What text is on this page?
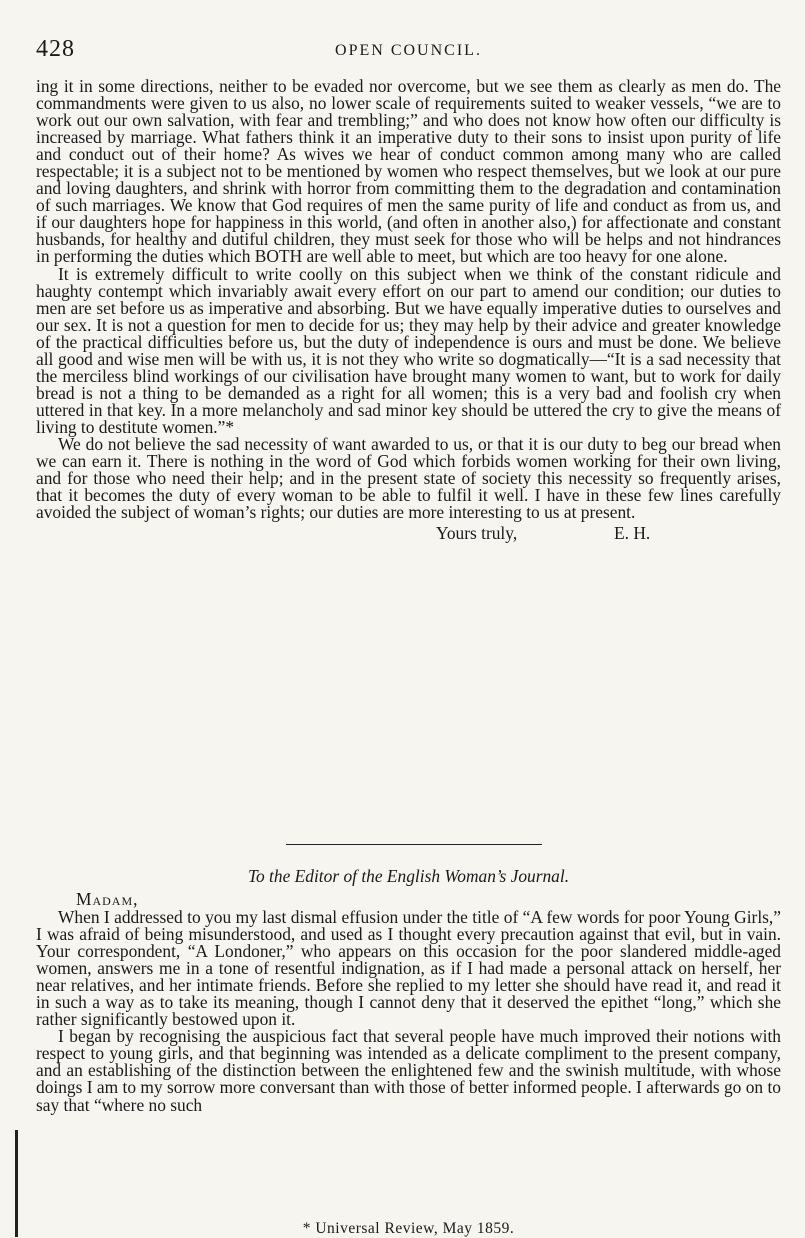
428	OPEN COUNCIL.

ing it in some directions, neither to be evaded nor overcome, but we see them as clearly as men do. The commandments were given to us also, no lower scale of requirements suited to weaker vessels, “we are to work out our own salvation, with fear and trembling;” and who does not know how often our difficulty is increased by marriage. What fathers think it an imperative duty to their sons to insist upon purity of life and conduct out of their home? As wives we hear of conduct common among many who are called respectable; it is a subject not to be mentioned by women who respect themselves, but we look at our pure and loving daughters, and shrink with horror from committing them to the degradation and contamination of such marriages. We know that God requires of men the same purity of life and conduct as from us, and if our daughters hope for happiness in this world, (and often in another also,) for affectionate and constant husbands, for healthy and dutiful children, they must seek for those who will be helps and not hindrances in performing the duties which BOTH are well able to meet, but which are too heavy for one alone.

It is extremely difficult to write coolly on this subject when we think of the constant ridicule and haughty contempt which invariably await every effort on our part to amend our condition; our duties to men are set before us as imperative and absorbing. But we have equally imperative duties to ourselves and our sex. It is not a question for men to decide for us; they may help by their advice and greater knowledge of the practical difficulties before us, but the duty of independence is ours and must be done. We believe all good and wise men will be with us, it is not they who write so dogmatically—“It is a sad necessity that the merciless blind workings of our civilisation have brought many women to want, but to work for daily bread is not a thing to be demanded as a right for all women; this is a very bad and foolish cry when uttered in that key. In a more melancholy and sad minor key should be uttered the cry to give the means of living to destitute women.”*

We do not believe the sad necessity of want awarded to us, or that it is our duty to beg our bread when we can earn it. There is nothing in the word of God which forbids women working for their own living, and for those who need their help; and in the present state of society this necessity so frequently arises, that it becomes the duty of every woman to be able to fulfil it well. I have in these few lines carefully avoided the subject of woman’s rights; our duties are more interesting to us at present.

Yours truly,	E. H.
To the Editor of the English Woman’s Journal.
Madam,

When I addressed to you my last dismal effusion under the title of “A few words for poor Young Girls,” I was afraid of being misunderstood, and used as I thought every precaution against that evil, but in vain. Your correspondent, “A Londoner,” who appears on this occasion for the poor slandered middle-aged women, answers me in a tone of resentful indignation, as if I had made a personal attack on herself, her near relatives, and her intimate friends. Before she replied to my letter she should have read it, and read it in such a way as to take its meaning, though I cannot deny that it deserved the epithet “long,” which she rather significantly bestowed upon it.

I began by recognising the auspicious fact that several people have much improved their notions with respect to young girls, and that beginning was intended as a delicate compliment to the present company, and an establishing of the distinction between the enlightened few and the swinish multitude, with whose doings I am to my sorrow more conversant than with those of better informed people. I afterwards go on to say that “where no such

* Universal Review, May 1859.
